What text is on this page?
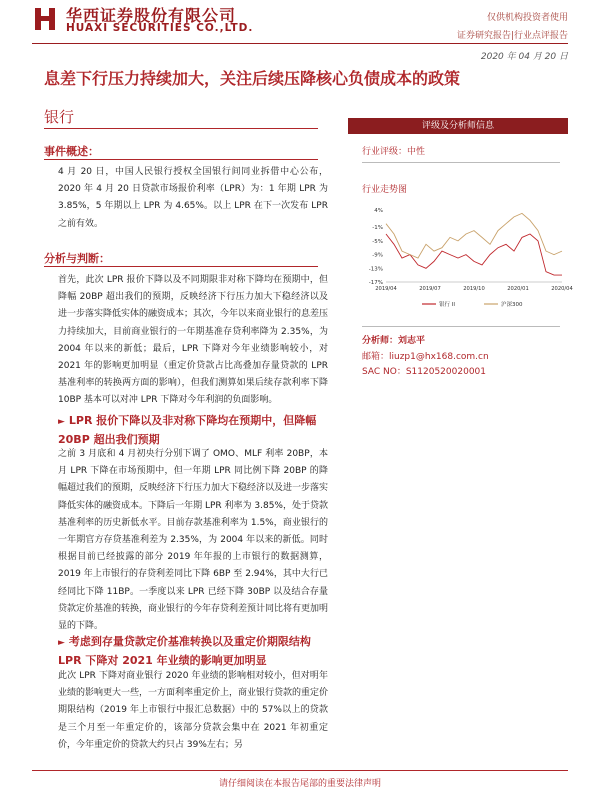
华西证券股份有限公司
HUAXI SECURITIES CO.,LTD.
仅供机构投资者使用
证券研究报告|行业点评报告
2020 年 04 月 20 日
息差下行压力持续加大，关注后续压降核心负债成本的政策
银行
事件概述：
4 月 20 日，中国人民银行授权全国银行间同业拆借中心公布，2020 年 4 月 20 日贷款市场报价利率（LPR）为：1 年期 LPR 为 3.85%，5 年期以上 LPR 为 4.65%。以上 LPR 在下一次发布 LPR 之前有效。
分析与判断：
首先，此次 LPR 报价下降以及不同期限非对称下降均在预期中，但降幅 20BP 超出我们的预期，反映经济下行压力加大下稳经济以及进一步落实降低实体的融资成本；其次，今年以来商业银行的息差压力持续加大，目前商业银行的一年期基准存贷利率降为 2.35%，为 2004 年以来的新低；最后，LPR 下降对今年业绩影响较小，对 2021 年的影响更加明显（重定价贷款占比高叠加存量贷款的 LPR 基准利率的转换两方面的影响），但我们测算如果后续存款利率下降 10BP 基本可以对冲 LPR 下降对今年利润的负面影响。
► LPR 报价下降以及非对称下降均在预期中，但降幅 20BP 超出我们预期
之前 3 月底和 4 月初央行分别下调了 OMO、MLF 利率 20BP，本月 LPR 下降在市场预期中，但一年期 LPR 同比例下降 20BP 的降幅超过我们的预期，反映经济下行压力加大下稳经济以及进一步落实降低实体的融资成本。下降后一年期 LPR 利率为 3.85%，处于贷款基准利率的历史新低水平。目前存款基准利率为 1.5%，商业银行的一年期官方存贷基准利差为 2.35%，为 2004 年以来的新低。同时根据目前已经披露的部分 2019 年年报的上市银行的数据测算，2019 年上市银行的存贷利差同比下降 6BP 至 2.94%，其中大行已经同比下降 11BP。一季度以来 LPR 已经下降 30BP 以及结合存量贷款定价基准的转换，商业银行的今年存贷利差预计同比将有更加明显的下降。
► 考虑到存量贷款定价基准转换以及重定价期限结构 LPR 下降对 2021 年业绩的影响更加明显
此次 LPR 下降对商业银行 2020 年业绩的影响相对较小，但对明年业绩的影响更大一些，一方面利率重定价上，商业银行贷款的重定价期限结构（2019 年上市银行中报汇总数据）中的 57%以上的贷款是三个月至一年重定价的，该部分贷款会集中在 2021 年初重定价，今年重定价的贷款大约只占 39%左右；另
评级及分析师信息
行业评级：中性
行业走势图
4%
-1%
-5%
-9%
-13%
-17%
2019/04	2019/07	2019/10	2020/01	2020/04
银行 II	沪深300
分析师：刘志平
邮箱：liuzp1@hx168.com.cn
SAC NO：S1120520020001
请仔细阅读在本报告尾部的重要法律声明
